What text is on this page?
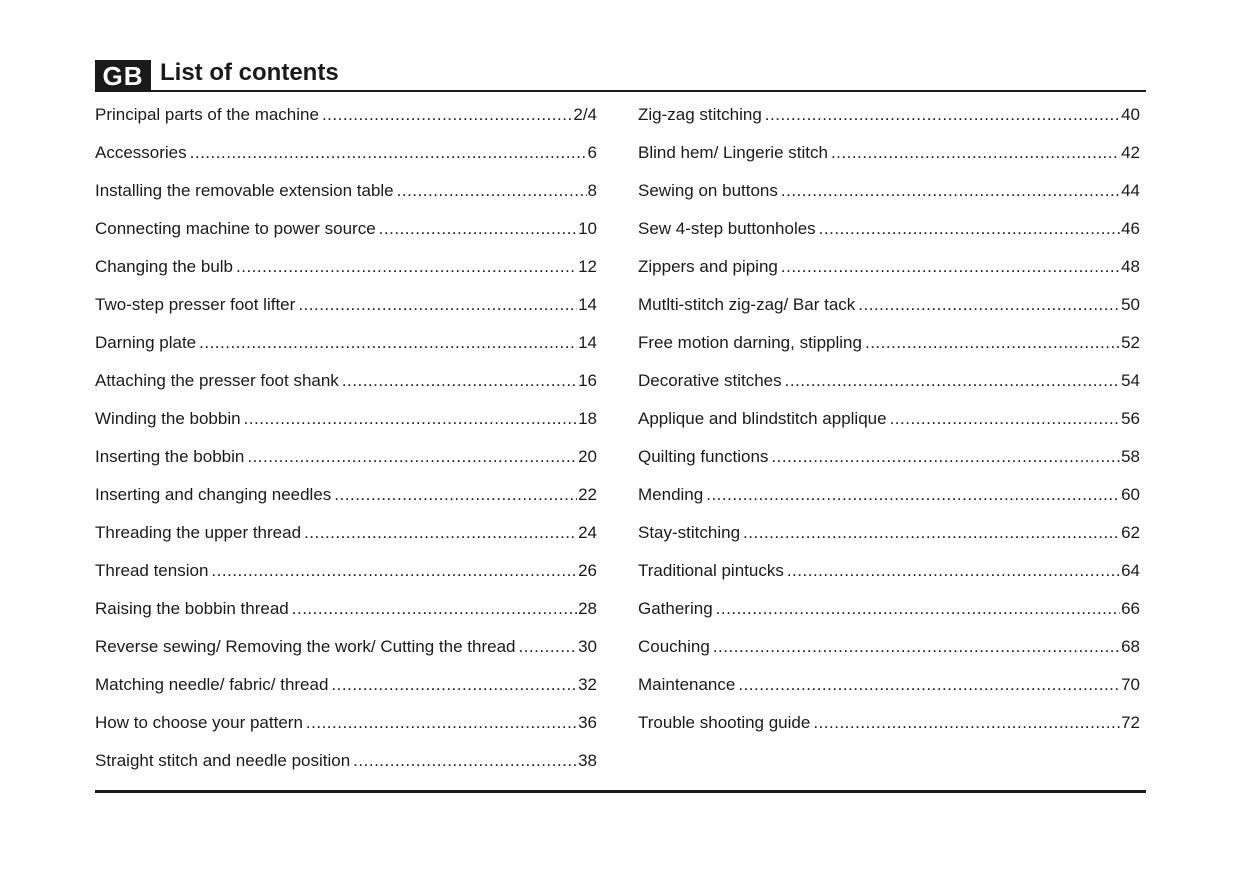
GB List of contents
Principal parts of the machine .....	2/4
Accessories .....	6
Installing the removable extension table .....	8
Connecting machine to power source .....	10
Changing the bulb .....	12
Two-step presser foot lifter .....	14
Darning plate .....	14
Attaching the presser foot shank .....	16
Winding the bobbin .....	18
Inserting the bobbin .....	20
Inserting and changing needles .....	22
Threading the upper thread .....	24
Thread tension .....	26
Raising the bobbin thread .....	28
Reverse sewing/ Removing the work/ Cutting the thread .....	30
Matching needle/ fabric/ thread .....	32
How to choose your pattern .....	36
Straight stitch and needle position .....	38
Zig-zag stitching .....	40
Blind hem/ Lingerie stitch .....	42
Sewing on buttons .....	44
Sew 4-step buttonholes .....	46
Zippers and piping .....	48
Mutlti-stitch zig-zag/ Bar tack .....	50
Free motion darning, stippling .....	52
Decorative stitches .....	54
Applique and blindstitch applique .....	56
Quilting functions .....	58
Mending .....	60
Stay-stitching .....	62
Traditional pintucks .....	64
Gathering .....	66
Couching .....	68
Maintenance .....	70
Trouble shooting guide .....	72
